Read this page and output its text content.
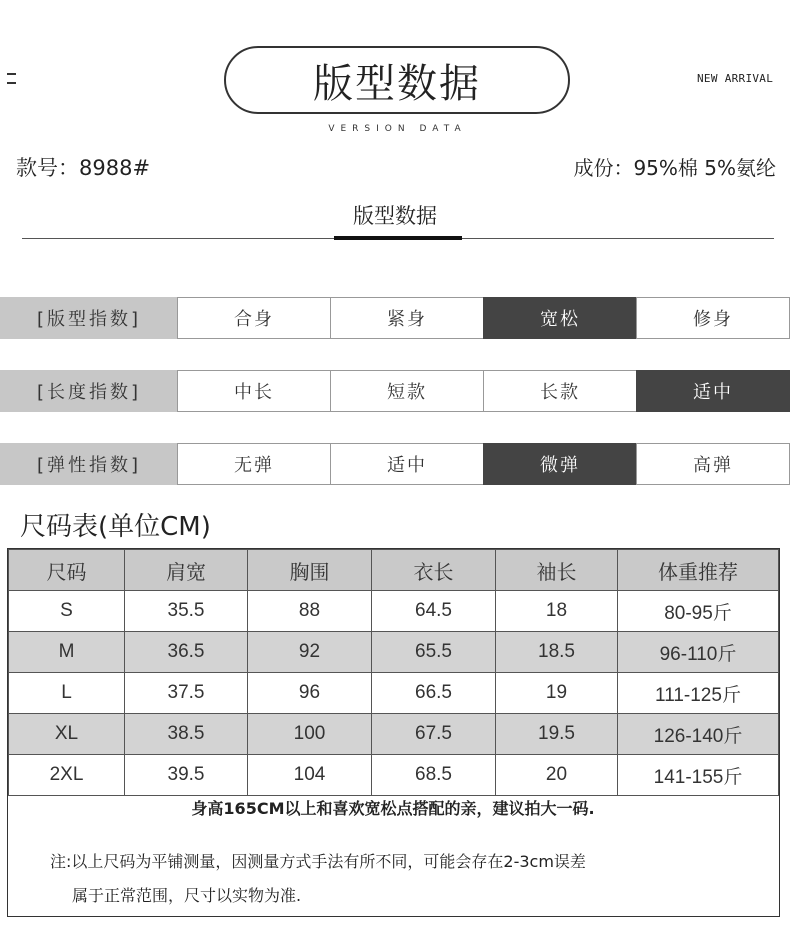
版型数据	NEW ARRIVAL
VERSION DATA
款号：8988#	成份：95%棉 5%氨纶
版型数据
[版型指数]	合身	紧身	宽松	修身
[长度指数]	中长	短款	长款	适中
[弹性指数]	无弹	适中	微弹	高弹
尺码表(单位CM)
尺码	肩宽	胸围	衣长	袖长	体重推荐
S	35.5	88	64.5	18	80-95斤
M	36.5	92	65.5	18.5	96-110斤
L	37.5	96	66.5	19	111-125斤
XL	38.5	100	67.5	19.5	126-140斤
2XL	39.5	104	68.5	20	141-155斤
身高165CM以上和喜欢宽松点搭配的亲，建议拍大一码.
注:以上尺码为平铺测量，因测量方式手法有所不同，可能会存在2-3cm误差
属于正常范围，尺寸以实物为准.
